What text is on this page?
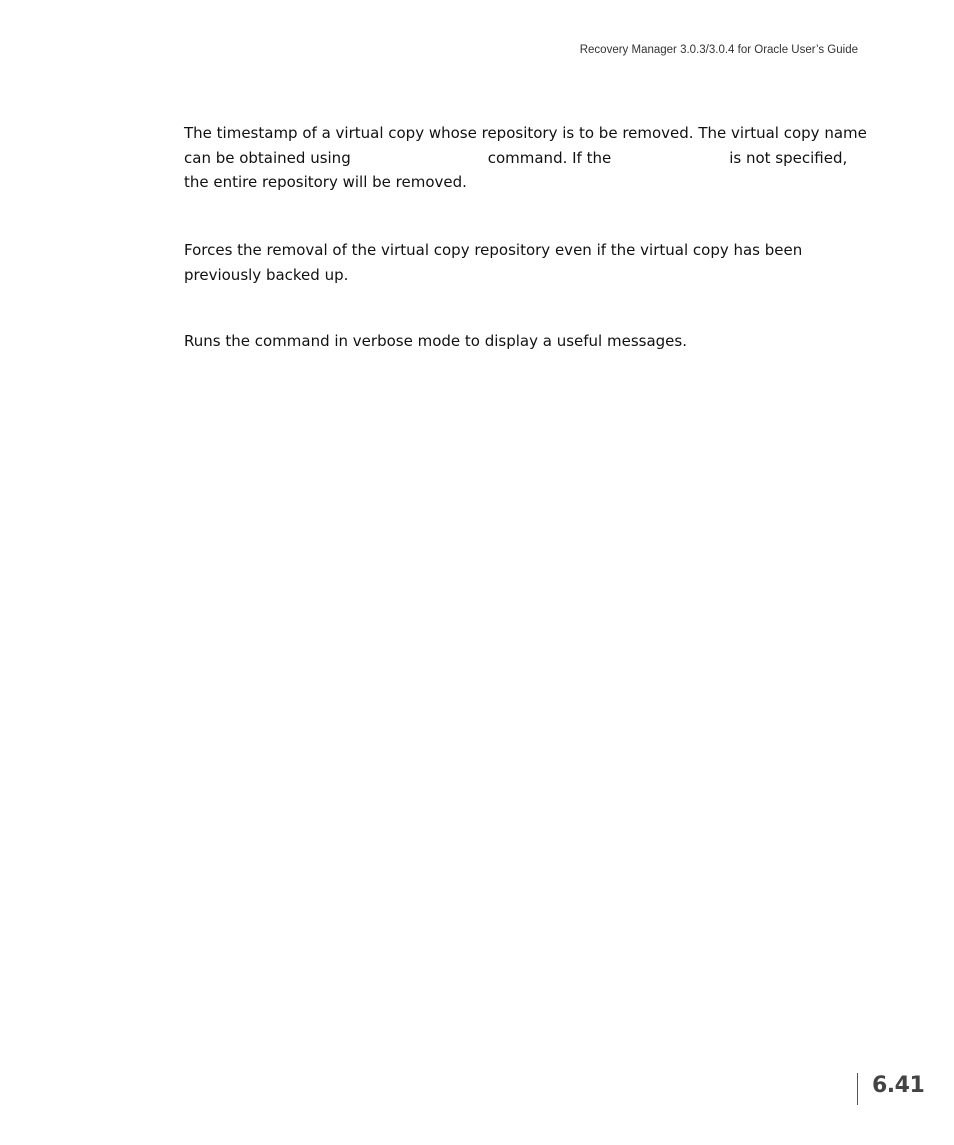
Recovery Manager 3.0.3/3.0.4 for Oracle User’s Guide
The timestamp of a virtual copy whose repository is to be removed. The virtual copy name
can be obtained using	command. If the	is not specified,
the entire repository will be removed.
Forces the removal of the virtual copy repository even if the virtual copy has been
previously backed up.
Runs the command in verbose mode to display a useful messages.
6.41
